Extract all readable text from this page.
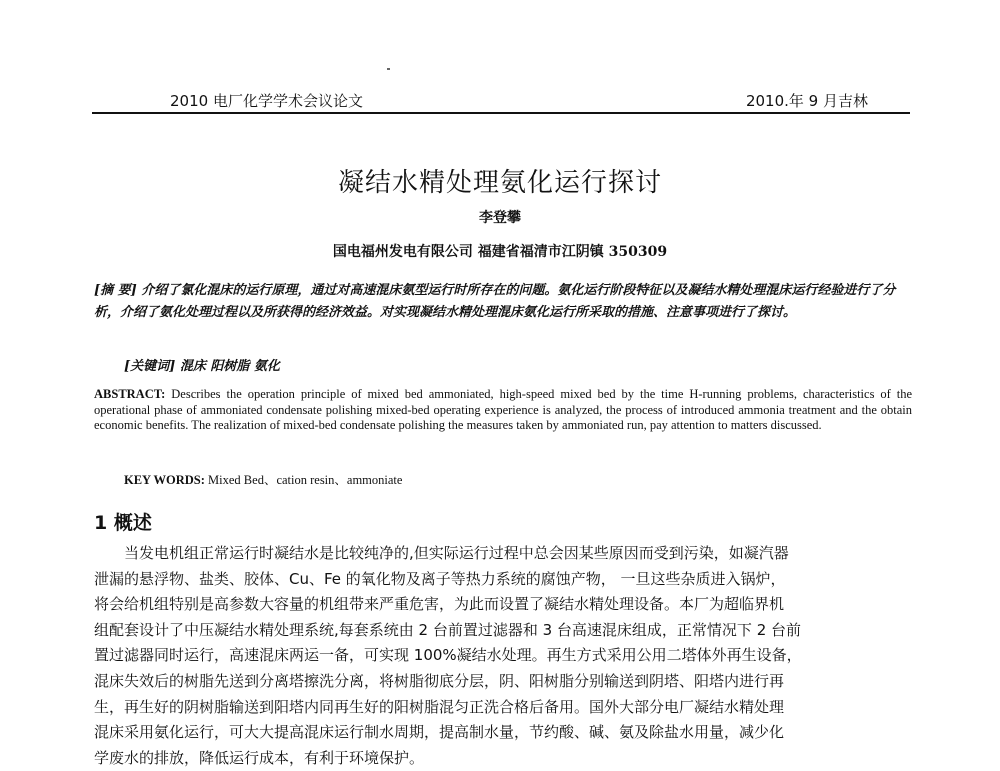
2010 电厂化学学术会议论文	2010.年 9 月吉林
凝结水精处理氨化运行探讨
李登攀
国电福州发电有限公司 福建省福清市江阴镇 350309
[摘 要] 介绍了氯化混床的运行原理，通过对高速混床氨型运行时所存在的问题。氨化运行阶段特征以及凝结水精处理混床运行经验进行了分析，介绍了氨化处理过程以及所获得的经济效益。对实现凝结水精处理混床氨化运行所采取的措施、注意事项进行了探讨。
[关键词] 混床 阳树脂 氨化
ABSTRACT: Describes the operation principle of mixed bed ammoniated, high-speed mixed bed by the time H-running problems, characteristics of the operational phase of ammoniated condensate polishing mixed-bed operating experience is analyzed, the process of introduced ammonia treatment and the obtain economic benefits. The realization of mixed-bed condensate polishing the measures taken by ammoniated run, pay attention to matters discussed.
KEY WORDS: Mixed Bed、cation resin、ammoniate
1 概述
当发电机组正常运行时凝结水是比较纯净的,但实际运行过程中总会因某些原因而受到污染，如凝汽器
泄漏的悬浮物、盐类、胶体、Cu、Fe 的氧化物及离子等热力系统的腐蚀产物， 一旦这些杂质进入锅炉，
将会给机组特别是高参数大容量的机组带来严重危害，为此而设置了凝结水精处理设备。本厂为超临界机
组配套设计了中压凝结水精处理系统,每套系统由 2 台前置过滤器和 3 台高速混床组成，正常情况下 2 台前
置过滤器同时运行，高速混床两运一备，可实现 100%凝结水处理。再生方式采用公用二塔体外再生设备，
混床失效后的树脂先送到分离塔擦洗分离，将树脂彻底分层，阴、阳树脂分别输送到阴塔、阳塔内进行再
生，再生好的阴树脂输送到阳塔内同再生好的阳树脂混匀正洗合格后备用。国外大部分电厂凝结水精处理
混床采用氨化运行，可大大提高混床运行制水周期，提高制水量，节约酸、碱、氨及除盐水用量，减少化
学废水的排放，降低运行成本，有利于环境保护。
